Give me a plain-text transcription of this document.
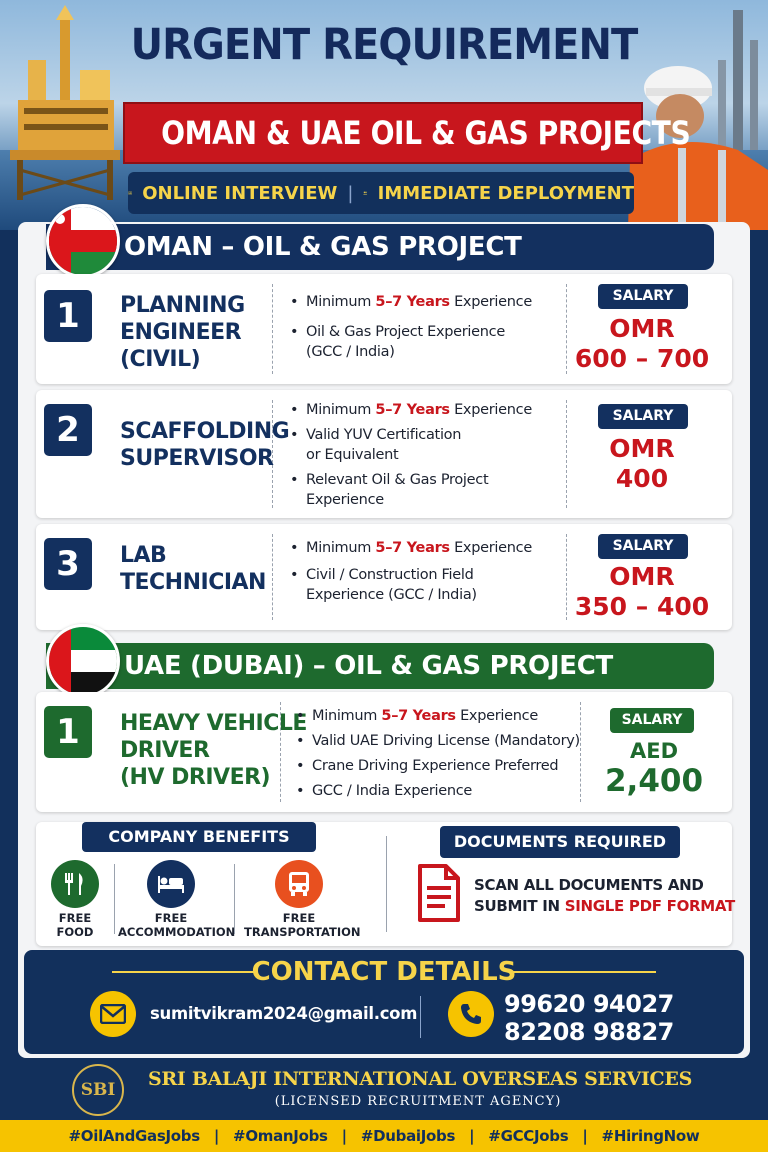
URGENT REQUIREMENT
OMAN & UAE OIL & GAS PROJECTS
ONLINE INTERVIEW | IMMEDIATE DEPLOYMENT
OMAN – OIL & GAS PROJECT
1	PLANNING
ENGINEER
(CIVIL)
• Minimum 5–7 Years Experience
• Oil & Gas Project Experience
(GCC / India)
SALARY
OMR
600 – 700
2	SCAFFOLDING
SUPERVISOR
• Minimum 5–7 Years Experience
• Valid YUV Certification
or Equivalent
• Relevant Oil & Gas Project
Experience
SALARY
OMR
400
3	LAB
TECHNICIAN
• Minimum 5–7 Years Experience
• Civil / Construction Field
Experience (GCC / India)
SALARY
OMR
350 – 400
UAE (DUBAI) – OIL & GAS PROJECT
1	HEAVY VEHICLE
DRIVER
(HV DRIVER)
• Minimum 5–7 Years Experience
• Valid UAE Driving License (Mandatory)
• Crane Driving Experience Preferred
• GCC / India Experience
SALARY
AED
2,400
COMPANY BENEFITS
FREE
FOOD
FREE
ACCOMMODATION
FREE
TRANSPORTATION
DOCUMENTS REQUIRED
SCAN ALL DOCUMENTS AND
SUBMIT IN SINGLE PDF FORMAT
CONTACT DETAILS
sumitvikram2024@gmail.com	99620 94027
82208 98827
SBI	SRI BALAJI INTERNATIONAL OVERSEAS SERVICES
(LICENSED RECRUITMENT AGENCY)
#OilAndGasJobs | #OmanJobs | #DubaiJobs | #GCCJobs | #HiringNow
